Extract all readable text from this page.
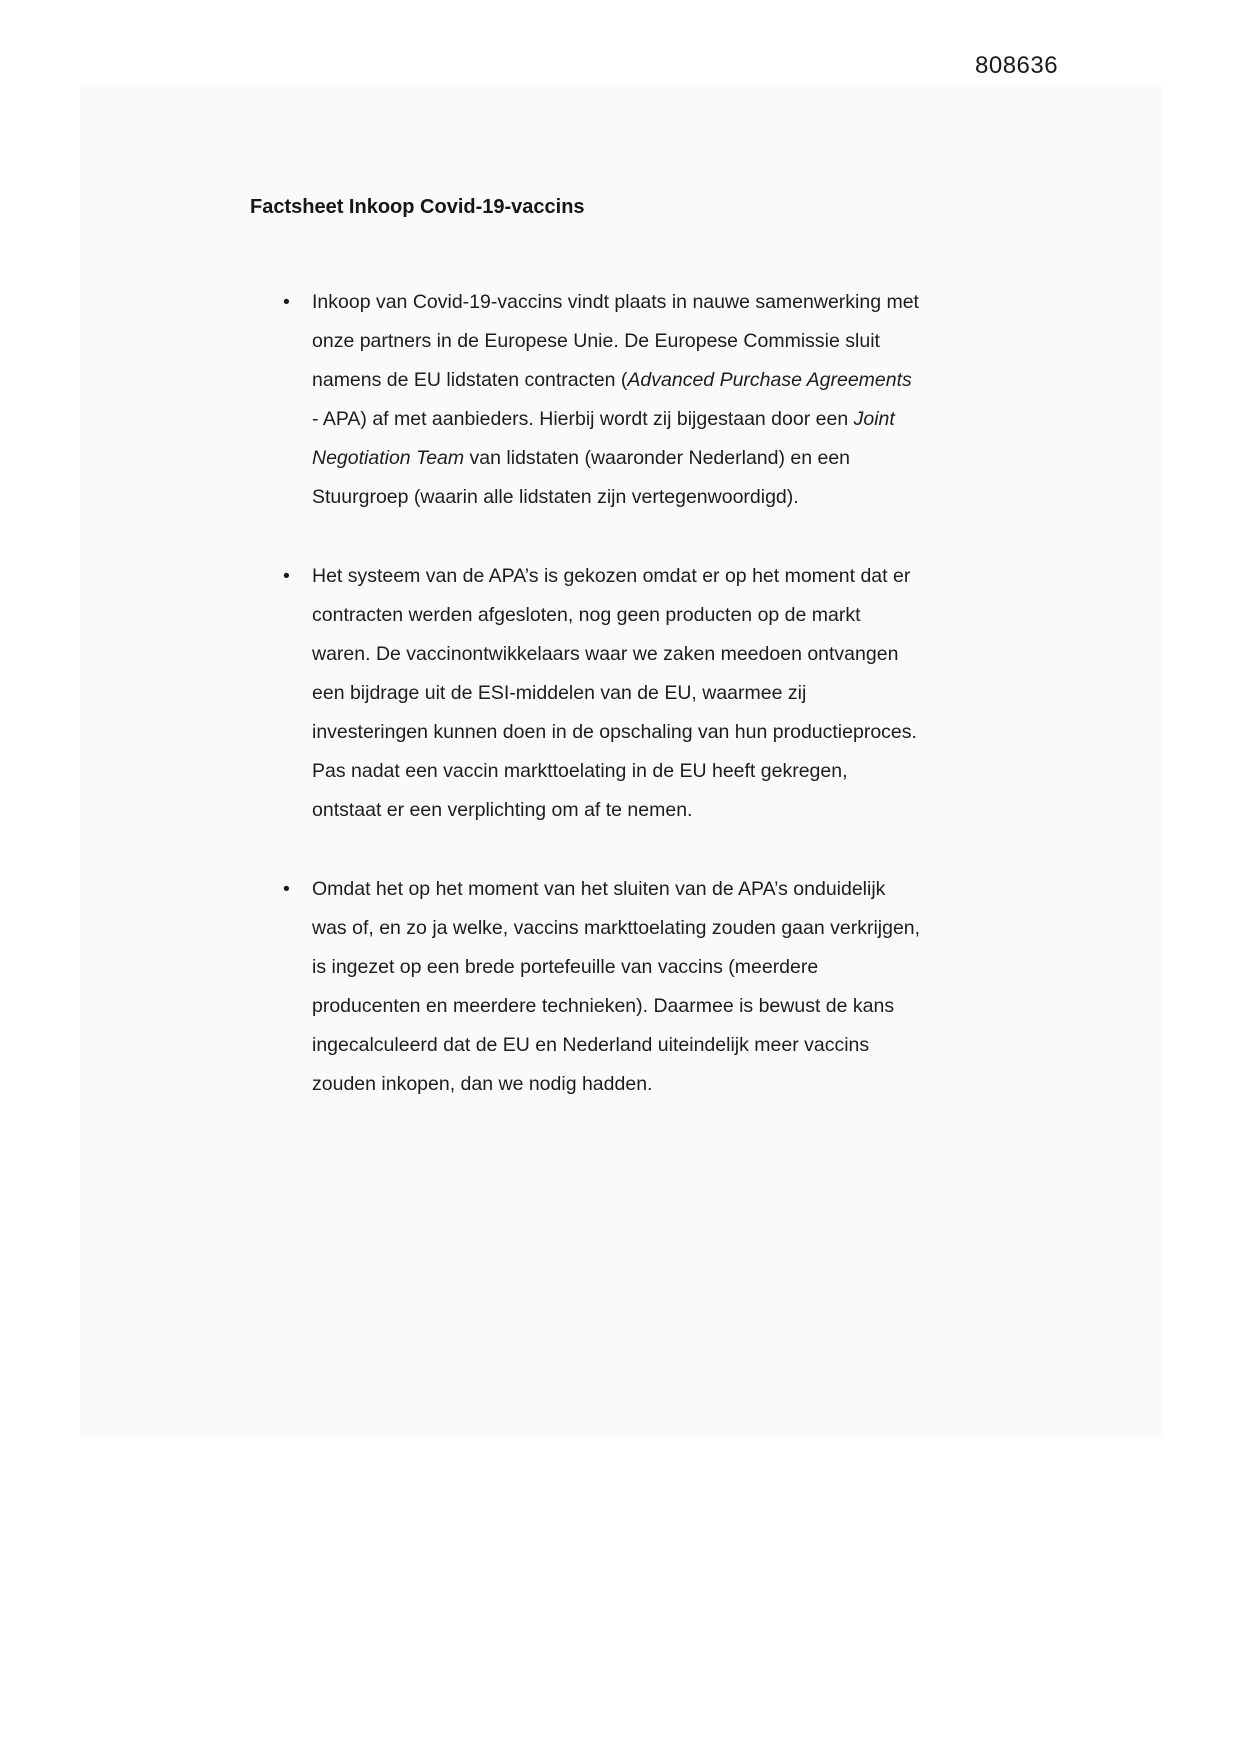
808636
Factsheet Inkoop Covid-19-vaccins
• Inkoop van Covid-19-vaccins vindt plaats in nauwe samenwerking met onze partners in de Europese Unie. De Europese Commissie sluit namens de EU lidstaten contracten (Advanced Purchase Agreements - APA) af met aanbieders. Hierbij wordt zij bijgestaan door een Joint Negotiation Team van lidstaten (waaronder Nederland) en een Stuurgroep (waarin alle lidstaten zijn vertegenwoordigd).
• Het systeem van de APA’s is gekozen omdat er op het moment dat er contracten werden afgesloten, nog geen producten op de markt waren. De vaccinontwikkelaars waar we zaken meedoen ontvangen een bijdrage uit de ESI-middelen van de EU, waarmee zij investeringen kunnen doen in de opschaling van hun productieproces. Pas nadat een vaccin markttoelating in de EU heeft gekregen, ontstaat er een verplichting om af te nemen.
• Omdat het op het moment van het sluiten van de APA’s onduidelijk was of, en zo ja welke, vaccins markttoelating zouden gaan verkrijgen, is ingezet op een brede portefeuille van vaccins (meerdere producenten en meerdere technieken). Daarmee is bewust de kans ingecalculeerd dat de EU en Nederland uiteindelijk meer vaccins zouden inkopen, dan we nodig hadden.
